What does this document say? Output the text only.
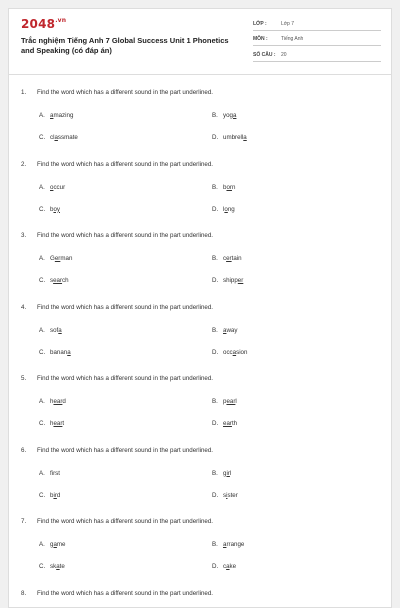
$2048^{.vn}$
Trắc nghiệm Tiếng Anh 7 Global Success Unit 1 Phonetics and Speaking (có đáp án)
LỚP :	Lớp 7
MÔN :	Tiếng Anh
SỐ CÂU :	20
1.	Find the word which has a different sound in the part underlined.
A. amazing	B. yoga
C. classmate	D. umbrella
2.	Find the word which has a different sound in the part underlined.
A. occur	B. born
C. boy	D. long
3.	Find the word which has a different sound in the part underlined.
A. German	B. certain
C. search	D. shipper
4.	Find the word which has a different sound in the part underlined.
A. sofa	B. away
C. banana	D. occasion
5.	Find the word which has a different sound in the part underlined.
A. heard	B. pearl
C. heart	D. earth
6.	Find the word which has a different sound in the part underlined.
A. first	B. girl
C. bird	D. sister
7.	Find the word which has a different sound in the part underlined.
A. game	B. arrange
C. skate	D. cake
8.	Find the word which has a different sound in the part underlined.
